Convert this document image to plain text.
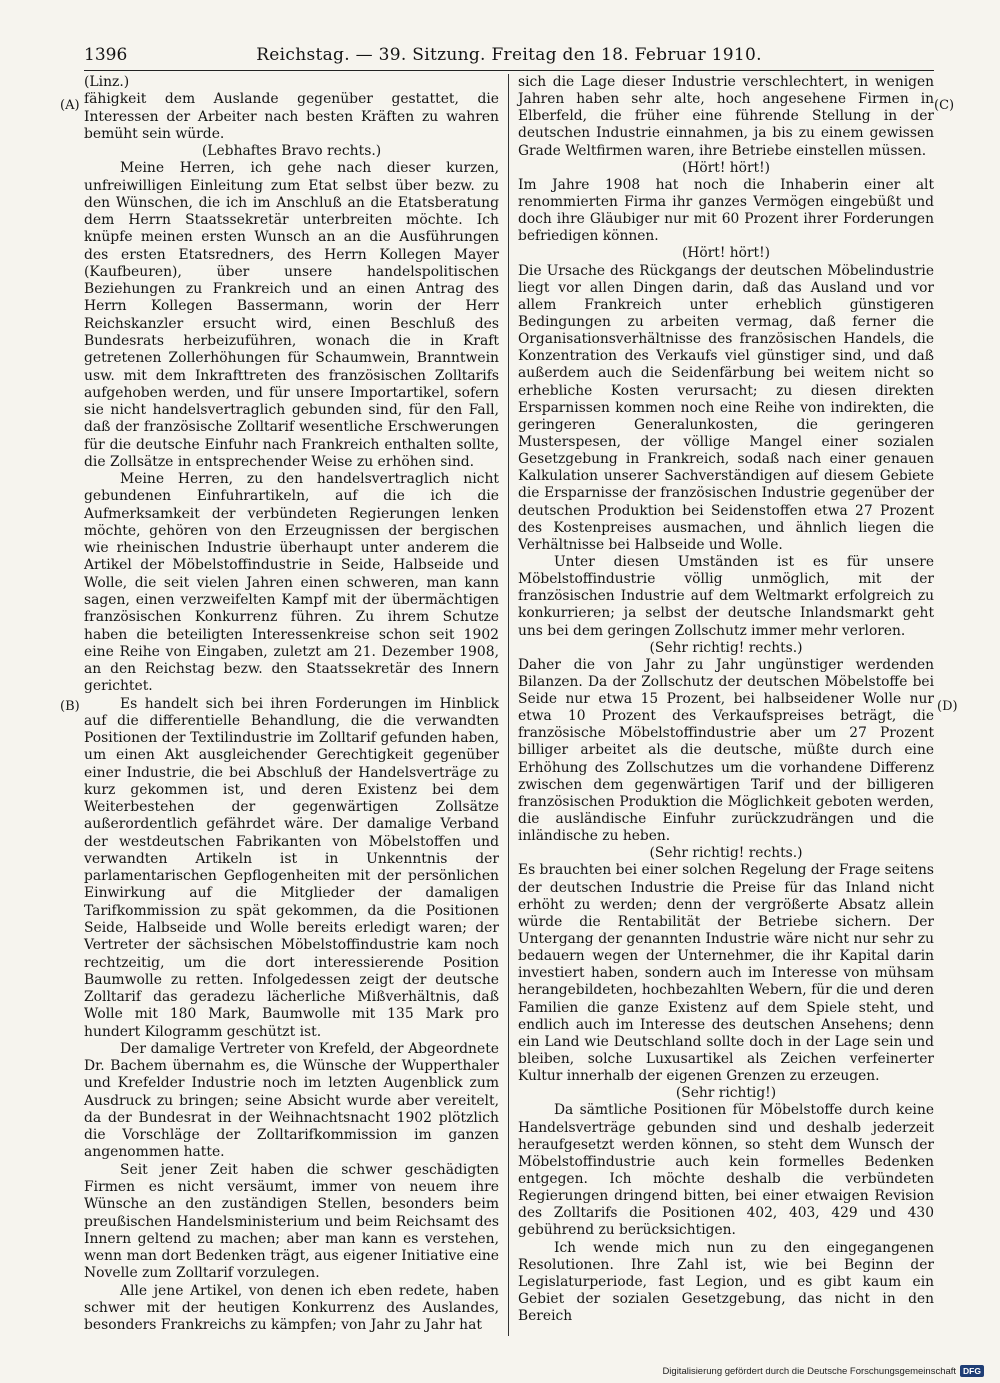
1396	Reichstag. — 39. Sitzung. Freitag den 18. Februar 1910.
(A)
(B)
(C)
(D)

(Linz.)

fähigkeit dem Auslande gegenüber gestattet, die Interessen der Arbeiter nach besten Kräften zu wahren bemüht sein würde.

(Lebhaftes Bravo rechts.)

Meine Herren, ich gehe nach dieser kurzen, unfreiwilligen Einleitung zum Etat selbst über bezw. zu den Wünschen, die ich im Anschluß an die Etatsberatung dem Herrn Staatssekretär unterbreiten möchte. Ich knüpfe meinen ersten Wunsch an an die Ausführungen des ersten Etatsredners, des Herrn Kollegen Mayer (Kaufbeuren), über unsere handelspolitischen Beziehungen zu Frankreich und an einen Antrag des Herrn Kollegen Bassermann, worin der Herr Reichskanzler ersucht wird, einen Beschluß des Bundesrats herbeizuführen, wonach die in Kraft getretenen Zollerhöhungen für Schaumwein, Branntwein usw. mit dem Inkrafttreten des französischen Zolltarifs aufgehoben werden, und für unsere Importartikel, sofern sie nicht handelsvertraglich gebunden sind, für den Fall, daß der französische Zolltarif wesentliche Erschwerungen für die deutsche Einfuhr nach Frankreich enthalten sollte, die Zollsätze in entsprechender Weise zu erhöhen sind.

Meine Herren, zu den handelsvertraglich nicht gebundenen Einfuhrartikeln, auf die ich die Aufmerksamkeit der verbündeten Regierungen lenken möchte, gehören von den Erzeugnissen der bergischen wie rheinischen Industrie überhaupt unter anderem die Artikel der Möbelstoffindustrie in Seide, Halbseide und Wolle, die seit vielen Jahren einen schweren, man kann sagen, einen verzweifelten Kampf mit der übermächtigen französischen Konkurrenz führen. Zu ihrem Schutze haben die beteiligten Interessenkreise schon seit 1902 eine Reihe von Eingaben, zuletzt am 21. Dezember 1908, an den Reichstag bezw. den Staatssekretär des Innern gerichtet.

Es handelt sich bei ihren Forderungen im Hinblick auf die differentielle Behandlung, die die verwandten Positionen der Textilindustrie im Zolltarif gefunden haben, um einen Akt ausgleichender Gerechtigkeit gegenüber einer Industrie, die bei Abschluß der Handelsverträge zu kurz gekommen ist, und deren Existenz bei dem Weiterbestehen der gegenwärtigen Zollsätze außerordentlich gefährdet wäre. Der damalige Verband der westdeutschen Fabrikanten von Möbelstoffen und verwandten Artikeln ist in Unkenntnis der parlamentarischen Gepflogenheiten mit der persönlichen Einwirkung auf die Mitglieder der damaligen Tarifkommission zu spät gekommen, da die Positionen Seide, Halbseide und Wolle bereits erledigt waren; der Vertreter der sächsischen Möbelstoffindustrie kam noch rechtzeitig, um die dort interessierende Position Baumwolle zu retten. Infolgedessen zeigt der deutsche Zolltarif das geradezu lächerliche Mißverhältnis, daß Wolle mit 180 Mark, Baumwolle mit 135 Mark pro hundert Kilogramm geschützt ist.

Der damalige Vertreter von Krefeld, der Abgeordnete Dr. Bachem übernahm es, die Wünsche der Wupperthaler und Krefelder Industrie noch im letzten Augenblick zum Ausdruck zu bringen; seine Absicht wurde aber vereitelt, da der Bundesrat in der Weihnachtsnacht 1902 plötzlich die Vorschläge der Zolltarifkommission im ganzen angenommen hatte.

Seit jener Zeit haben die schwer geschädigten Firmen es nicht versäumt, immer von neuem ihre Wünsche an den zuständigen Stellen, besonders beim preußischen Handelsministerium und beim Reichsamt des Innern geltend zu machen; aber man kann es verstehen, wenn man dort Bedenken trägt, aus eigener Initiative eine Novelle zum Zolltarif vorzulegen.

Alle jene Artikel, von denen ich eben redete, haben schwer mit der heutigen Konkurrenz des Auslandes, besonders Frankreichs zu kämpfen; von Jahr zu Jahr hat

sich die Lage dieser Industrie verschlechtert, in wenigen Jahren haben sehr alte, hoch angesehene Firmen in Elberfeld, die früher eine führende Stellung in der deutschen Industrie einnahmen, ja bis zu einem gewissen Grade Weltfirmen waren, ihre Betriebe einstellen müssen.

(Hört! hört!)

Im Jahre 1908 hat noch die Inhaberin einer alt renommierten Firma ihr ganzes Vermögen eingebüßt und doch ihre Gläubiger nur mit 60 Prozent ihrer Forderungen befriedigen können.

(Hört! hört!)

Die Ursache des Rückgangs der deutschen Möbelindustrie liegt vor allen Dingen darin, daß das Ausland und vor allem Frankreich unter erheblich günstigeren Bedingungen zu arbeiten vermag, daß ferner die Organisationsverhältnisse des französischen Handels, die Konzentration des Verkaufs viel günstiger sind, und daß außerdem auch die Seidenfärbung bei weitem nicht so erhebliche Kosten verursacht; zu diesen direkten Ersparnissen kommen noch eine Reihe von indirekten, die geringeren Generalunkosten, die geringeren Musterspesen, der völlige Mangel einer sozialen Gesetzgebung in Frankreich, sodaß nach einer genauen Kalkulation unserer Sachverständigen auf diesem Gebiete die Ersparnisse der französischen Industrie gegenüber der deutschen Produktion bei Seidenstoffen etwa 27 Prozent des Kostenpreises ausmachen, und ähnlich liegen die Verhältnisse bei Halbseide und Wolle.

Unter diesen Umständen ist es für unsere Möbelstoffindustrie völlig unmöglich, mit der französischen Industrie auf dem Weltmarkt erfolgreich zu konkurrieren; ja selbst der deutsche Inlandsmarkt geht uns bei dem geringen Zollschutz immer mehr verloren.

(Sehr richtig! rechts.)

Daher die von Jahr zu Jahr ungünstiger werdenden Bilanzen. Da der Zollschutz der deutschen Möbelstoffe bei Seide nur etwa 15 Prozent, bei halbseidener Wolle nur etwa 10 Prozent des Verkaufspreises beträgt, die französische Möbelstoffindustrie aber um 27 Prozent billiger arbeitet als die deutsche, müßte durch eine Erhöhung des Zollschutzes um die vorhandene Differenz zwischen dem gegenwärtigen Tarif und der billigeren französischen Produktion die Möglichkeit geboten werden, die ausländische Einfuhr zurückzudrängen und die inländische zu heben.

(Sehr richtig! rechts.)

Es brauchten bei einer solchen Regelung der Frage seitens der deutschen Industrie die Preise für das Inland nicht erhöht zu werden; denn der vergrößerte Absatz allein würde die Rentabilität der Betriebe sichern. Der Untergang der genannten Industrie wäre nicht nur sehr zu bedauern wegen der Unternehmer, die ihr Kapital darin investiert haben, sondern auch im Interesse von mühsam herangebildeten, hochbezahlten Webern, für die und deren Familien die ganze Existenz auf dem Spiele steht, und endlich auch im Interesse des deutschen Ansehens; denn ein Land wie Deutschland sollte doch in der Lage sein und bleiben, solche Luxusartikel als Zeichen verfeinerter Kultur innerhalb der eigenen Grenzen zu erzeugen.

(Sehr richtig!)

Da sämtliche Positionen für Möbelstoffe durch keine Handelsverträge gebunden sind und deshalb jederzeit heraufgesetzt werden können, so steht dem Wunsch der Möbelstoffindustrie auch kein formelles Bedenken entgegen. Ich möchte deshalb die verbündeten Regierungen dringend bitten, bei einer etwaigen Revision des Zolltarifs die Positionen 402, 403, 429 und 430 gebührend zu berücksichtigen.

Ich wende mich nun zu den eingegangenen Resolutionen. Ihre Zahl ist, wie bei Beginn der Legislaturperiode, fast Legion, und es gibt kaum ein Gebiet der sozialen Gesetzgebung, das nicht in den Bereich

Digitalisierung gefördert durch die Deutsche Forschungsgemeinschaft DFG
